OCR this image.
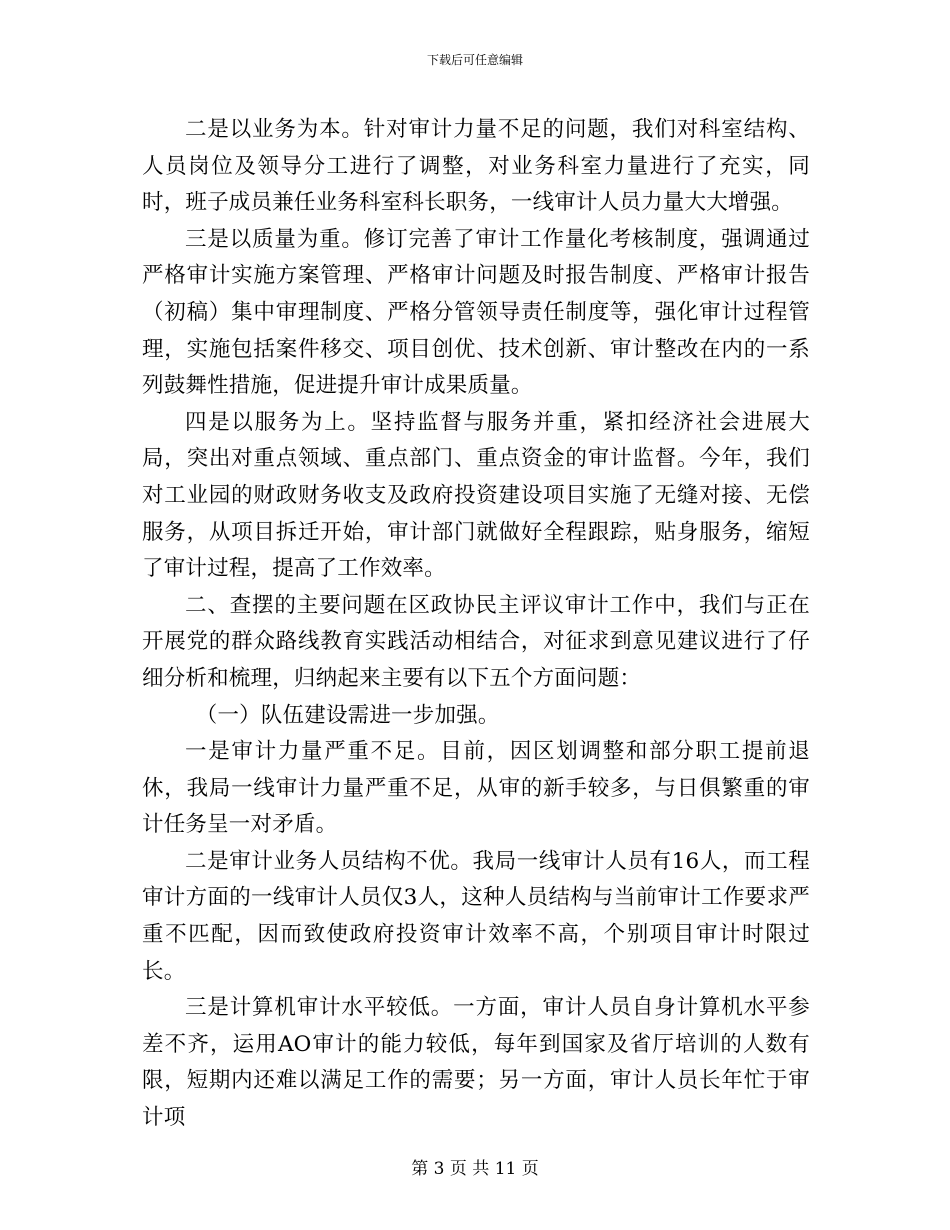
下载后可任意编辑

二是以业务为本。针对审计力量不足的问题，我们对科室结构、人员岗位及领导分工进行了调整，对业务科室力量进行了充实，同时，班子成员兼任业务科室科长职务，一线审计人员力量大大增强。

三是以质量为重。修订完善了审计工作量化考核制度，强调通过严格审计实施方案管理、严格审计问题及时报告制度、严格审计报告（初稿）集中审理制度、严格分管领导责任制度等，强化审计过程管理，实施包括案件移交、项目创优、技术创新、审计整改在内的一系列鼓舞性措施，促进提升审计成果质量。

四是以服务为上。坚持监督与服务并重，紧扣经济社会进展大局，突出对重点领域、重点部门、重点资金的审计监督。今年，我们对工业园的财政财务收支及政府投资建设项目实施了无缝对接、无偿服务，从项目拆迁开始，审计部门就做好全程跟踪，贴身服务，缩短了审计过程，提高了工作效率。

二、查摆的主要问题在区政协民主评议审计工作中，我们与正在开展党的群众路线教育实践活动相结合，对征求到意见建议进行了仔细分析和梳理，归纳起来主要有以下五个方面问题：

（一）队伍建设需进一步加强。

一是审计力量严重不足。目前，因区划调整和部分职工提前退休，我局一线审计力量严重不足，从审的新手较多，与日俱繁重的审计任务呈一对矛盾。

二是审计业务人员结构不优。我局一线审计人员有16人，而工程审计方面的一线审计人员仅3人，这种人员结构与当前审计工作要求严重不匹配，因而致使政府投资审计效率不高，个别项目审计时限过长。

三是计算机审计水平较低。一方面，审计人员自身计算机水平参差不齐，运用AO审计的能力较低，每年到国家及省厅培训的人数有限，短期内还难以满足工作的需要；另一方面，审计人员长年忙于审计项

第 3 页 共 11 页
